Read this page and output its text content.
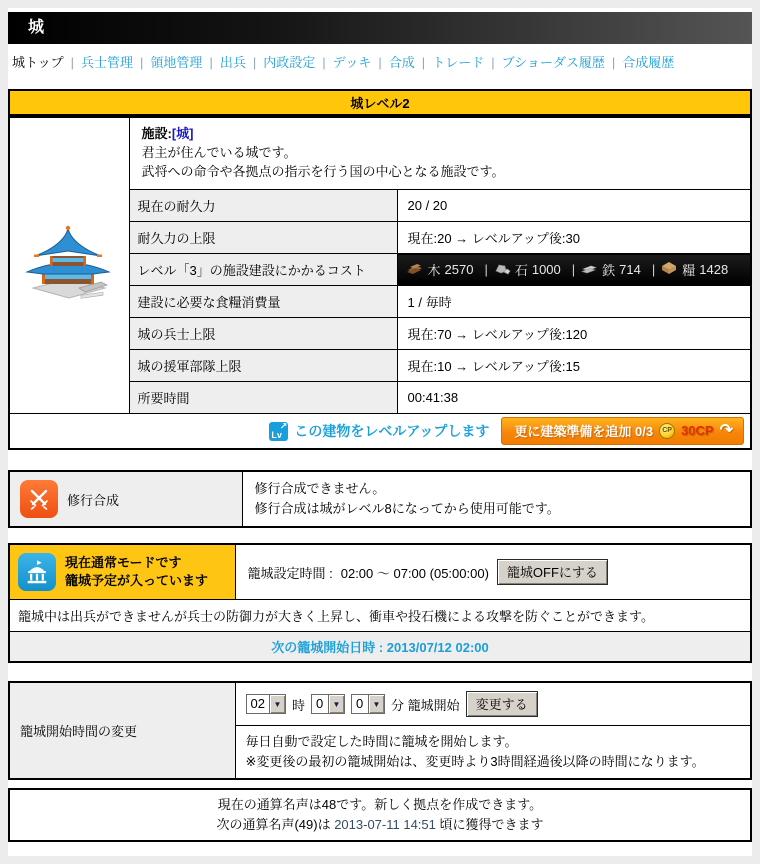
城
城トップ | 兵士管理 | 領地管理 | 出兵 | 内政設定 | デッキ | 合成 | トレード | ブショーダス履歴 | 合成履歴
城レベル2

施設:[城]
君主が住んでいる城です。
武将への命令や各拠点の指示を行う国の中心となる施設です。	

	現在の耐久力	20 / 20
	耐久力の上限	現在:20 → レベルアップ後:30
レベル「3」の施設建設にかかるコスト	木 2570
|	石 1000
|	鉄 714
|	糧 1428

	建設に必要な食糧消費量	1 / 毎時
	城の兵士上限	現在:70 → レベルアップ後:120
	城の援軍部隊上限	現在:10 → レベルアップ後:15
	所要時間	00:41:38

Lv
↗ この建物をレベルアップします 更に建築準備を追加 0/3	CP 30CP ↷
修行合成

修行合成できません。
修行合成は城がレベル8になってから使用可能です。
現在通常モードです
籠城予定が入っています	籠城設定時間 : 02:00 ～ 07:00 (05:00:00)	籠城OFFにする

籠城中は出兵ができませんが兵士の防御力が大きく上昇し、衝車や投石機による攻撃を防ぐことができます。
次の籠城開始日時 : 2013/07/12 02:00
籠城開始時間の変更	
02	▼ 時 0	▼	0	▼ 分 籠城開始	変更する

毎日自動で設定した時間に籠城を開始します。
※変更後の最初の籠城開始は、変更時より3時間経過後以降の時間になります。
現在の通算名声は48です。新しく拠点を作成できます。
次の通算名声(49)は 2013-07-11 14:51 頃に獲得できます
